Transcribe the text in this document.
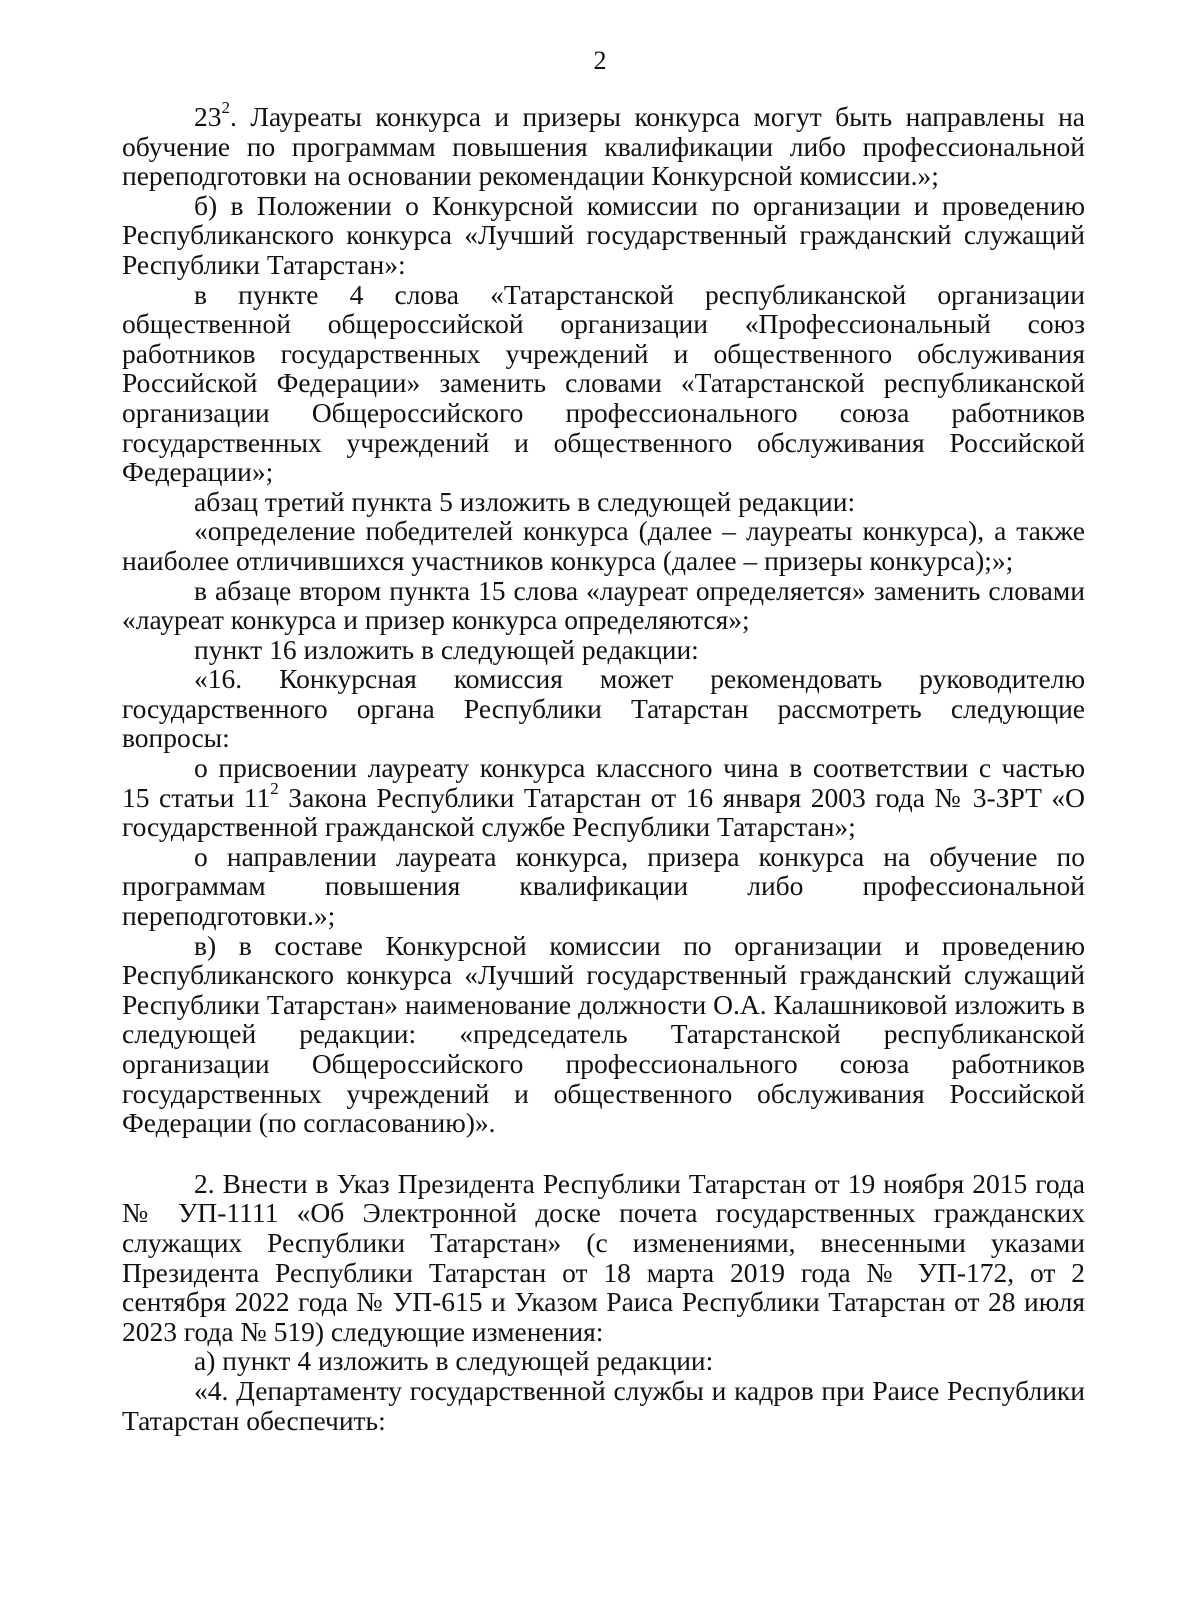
2

$23^2$. Лауреаты конкурса и призеры конкурса могут быть направлены на обучение по программам повышения квалификации либо профессиональной переподготовки на основании рекомендации Конкурсной комиссии.»;

б) в Положении о Конкурсной комиссии по организации и проведению Республиканского конкурса «Лучший государственный гражданский служащий Республики Татарстан»:

в пункте 4 слова «Татарстанской республиканской организации общественной общероссийской организации «Профессиональный союз работников государственных учреждений и общественного обслуживания Российской Федерации» заменить словами «Татарстанской республиканской организации Общероссийского профессионального союза работников государственных учреждений и общественного обслуживания Российской Федерации»;

абзац третий пункта 5 изложить в следующей редакции:

«определение победителей конкурса (далее – лауреаты конкурса), а также наиболее отличившихся участников конкурса (далее – призеры конкурса);»;

в абзаце втором пункта 15 слова «лауреат определяется» заменить словами «лауреат конкурса и призер конкурса определяются»;

пункт 16 изложить в следующей редакции:

«16. Конкурсная комиссия может рекомендовать руководителю государственного органа Республики Татарстан рассмотреть следующие вопросы:

о присвоении лауреату конкурса классного чина в соответствии с частью 15 статьи $11^2$ Закона Республики Татарстан от 16 января 2003 года № 3-ЗРТ «О государственной гражданской службе Республики Татарстан»;

о направлении лауреата конкурса, призера конкурса на обучение по программам повышения квалификации либо профессиональной переподготовки.»;

в) в составе Конкурсной комиссии по организации и проведению Республиканского конкурса «Лучший государственный гражданский служащий Республики Татарстан» наименование должности О.А. Калашниковой изложить в следующей редакции: «председатель Татарстанской республиканской организации Общероссийского профессионального союза работников государственных учреждений и общественного обслуживания Российской Федерации (по согласованию)».

2. Внести в Указ Президента Республики Татарстан от 19 ноября 2015 года № УП-1111 «Об Электронной доске почета государственных гражданских служащих Республики Татарстан» (с изменениями, внесенными указами Президента Республики Татарстан от 18 марта 2019 года № УП-172, от 2 сентября 2022 года № УП-615 и Указом Раиса Республики Татарстан от 28 июля 2023 года № 519) следующие изменения:

а) пункт 4 изложить в следующей редакции:

«4. Департаменту государственной службы и кадров при Раисе Республики Татарстан обеспечить:
